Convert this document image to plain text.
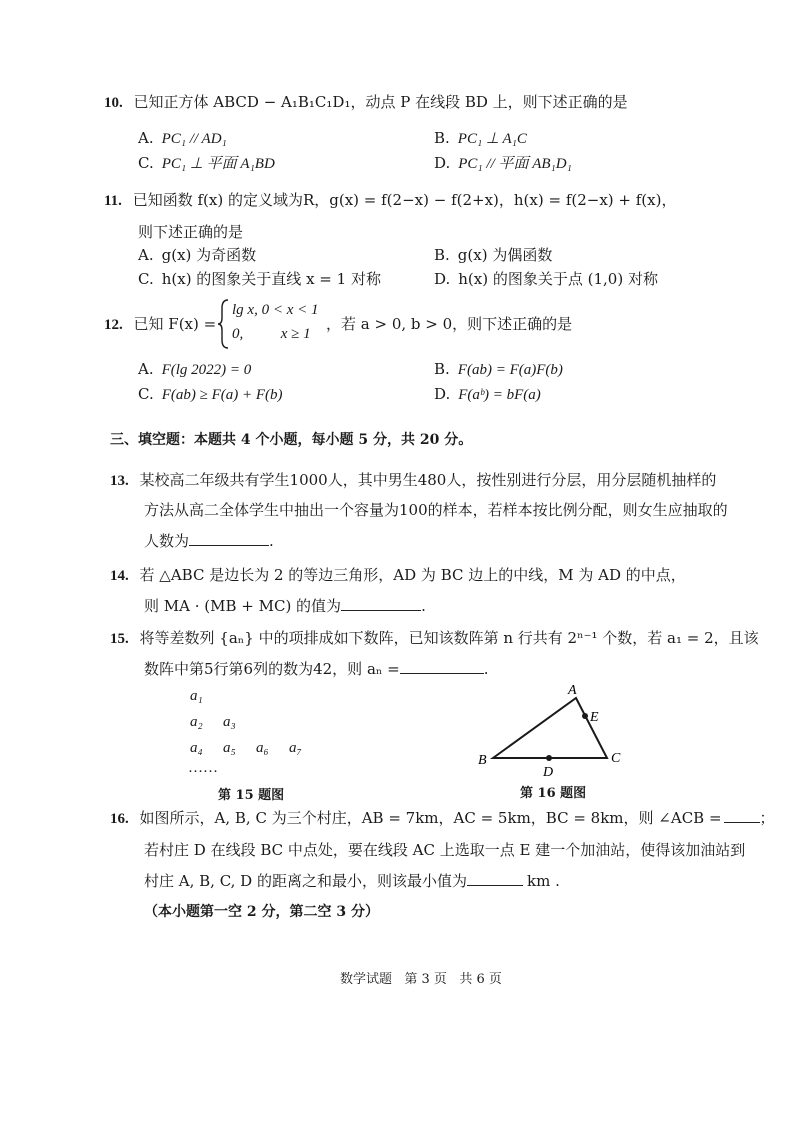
10. 已知正方体 ABCD − A₁B₁C₁D₁，动点 P 在线段 BD 上，则下述正确的是
A. PC₁ // AD₁	B. PC₁ ⊥ A₁C
C. PC₁ ⊥ 平面 A₁BD	D. PC₁ // 平面 AB₁D₁
11. 已知函数 f(x) 的定义域为R，g(x) = f(2−x) − f(2+x)，h(x) = f(2−x) + f(x)，
则下述正确的是
A. g(x) 为奇函数	B. g(x) 为偶函数
C. h(x) 的图象关于直线 x = 1 对称	D. h(x) 的图象关于点 (1,0) 对称
12. 已知 F(x) =
lg x, 0 < x < 1
0,          x ≥ 1
，若 a > 0, b > 0，则下述正确的是
A. F(lg 2022) = 0	B. F(ab) = F(a)F(b)
C. F(ab) ≥ F(a) + F(b)	D. F(aᵇ) = bF(a)
三、填空题：本题共 4 个小题，每小题 5 分，共 20 分。
13. 某校高二年级共有学生1000人，其中男生480人，按性别进行分层，用分层随机抽样的
方法从高二全体学生中抽出一个容量为100的样本，若样本按比例分配，则女生应抽取的
人数为	.
14. 若 △ABC 是边长为 2 的等边三角形，AD 为 BC 边上的中线，M 为 AD 的中点，
则 MA · (MB + MC) 的值为	.
15. 将等差数列 {aₙ} 中的项排成如下数阵，已知该数阵第 n 行共有 2ⁿ⁻¹ 个数，若 a₁ = 2，且该
数阵中第5行第6列的数为42，则 aₙ =	.
a₁
a₂ a₃
a₄ a₅ a₆ a₇
……
第 15 题图
A
E
B	C
D
第 16 题图
16. 如图所示，A, B, C 为三个村庄，AB = 7km，AC = 5km，BC = 8km，则 ∠ACB =	；
若村庄 D 在线段 BC 中点处，要在线段 AC 上选取一点 E 建一个加油站，使得该加油站到
村庄 A, B, C, D 的距离之和最小，则该最小值为	km .
（本小题第一空 2 分，第二空 3 分）
数学试题   第 3 页   共 6 页
